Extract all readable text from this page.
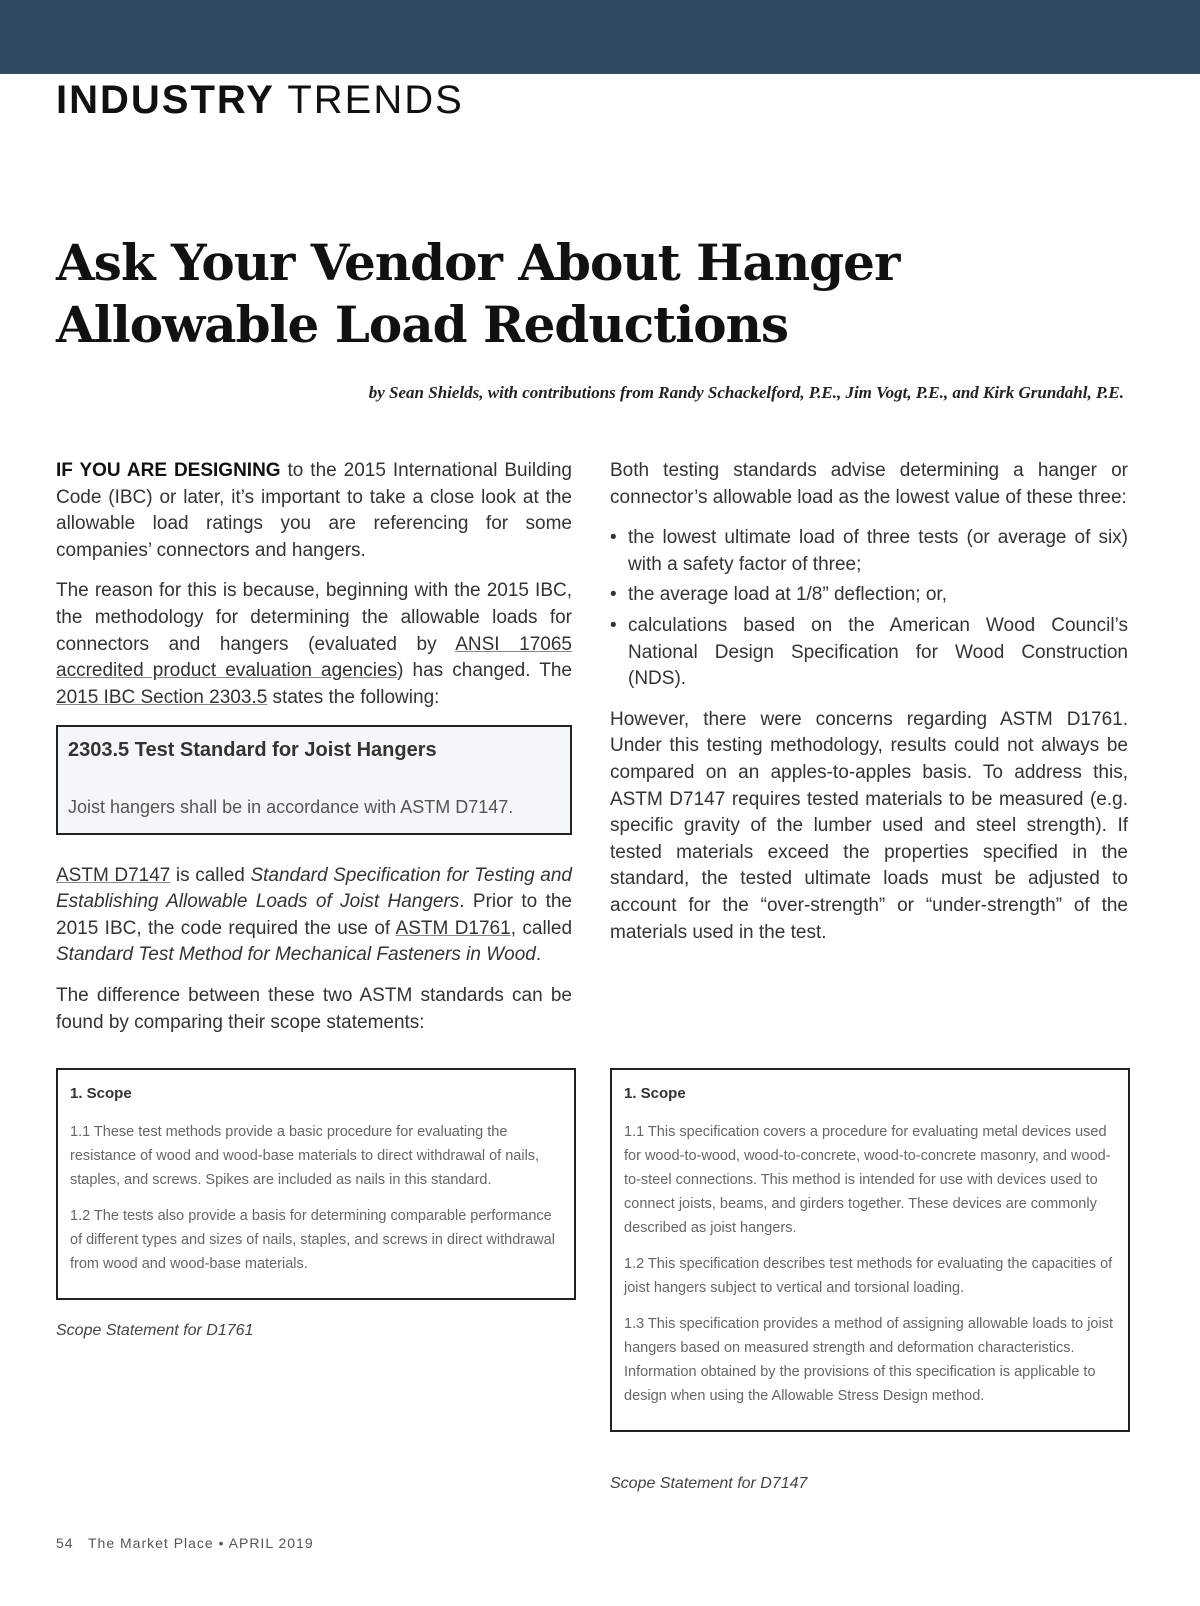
INDUSTRY TRENDS
Ask Your Vendor About Hanger
Allowable Load Reductions
by Sean Shields, with contributions from Randy Schackelford, P.E., Jim Vogt, P.E., and Kirk Grundahl, P.E.

IF YOU ARE DESIGNING to the 2015 International Building Code (IBC) or later, it’s important to take a close look at the allowable load ratings you are referencing for some companies’ connectors and hangers.

The reason for this is because, beginning with the 2015 IBC, the methodology for determining the allowable loads for connectors and hangers (evaluated by ANSI 17065 accredited product evaluation agencies) has changed. The 2015 IBC Section 2303.5 states the following:

2303.5 Test Standard for Joist Hangers
Joist hangers shall be in accordance with ASTM D7147.

ASTM D7147 is called Standard Specification for Testing and Establishing Allowable Loads of Joist Hangers. Prior to the 2015 IBC, the code required the use of ASTM D1761, called Standard Test Method for Mechanical Fasteners in Wood.

The difference between these two ASTM standards can be found by comparing their scope statements:

Both testing standards advise determining a hanger or connector’s allowable load as the lowest value of these three:

• the lowest ultimate load of three tests (or average of six) with a safety factor of three;
• the average load at 1/8” deflection; or,
• calculations based on the American Wood Council’s National Design Specification for Wood Construction (NDS).

However, there were concerns regarding ASTM D1761. Under this testing methodology, results could not always be compared on an apples-to-apples basis. To address this, ASTM D7147 requires tested materials to be measured (e.g. specific gravity of the lumber used and steel strength). If tested materials exceed the properties specified in the standard, the tested ultimate loads must be adjusted to account for the “over-strength” or “under-strength” of the materials used in the test.

1. Scope

1.1 These test methods provide a basic procedure for evaluating the resistance of wood and wood-base materials to direct withdrawal of nails, staples, and screws. Spikes are included as nails in this standard.

1.2 The tests also provide a basis for determining comparable performance of different types and sizes of nails, staples, and screws in direct withdrawal from wood and wood-base materials.

Scope Statement for D1761
1. Scope

1.1 This specification covers a procedure for evaluating metal devices used for wood-to-wood, wood-to-concrete, wood-to-concrete masonry, and wood-to-steel connections. This method is intended for use with devices used to connect joists, beams, and girders together. These devices are commonly described as joist hangers.

1.2 This specification describes test methods for evaluating the capacities of joist hangers subject to vertical and torsional loading.

1.3 This specification provides a method of assigning allowable loads to joist hangers based on measured strength and deformation characteristics. Information obtained by the provisions of this specification is applicable to design when using the Allowable Stress Design method.

Scope Statement for D7147
54 The Market Place • APRIL 2019
